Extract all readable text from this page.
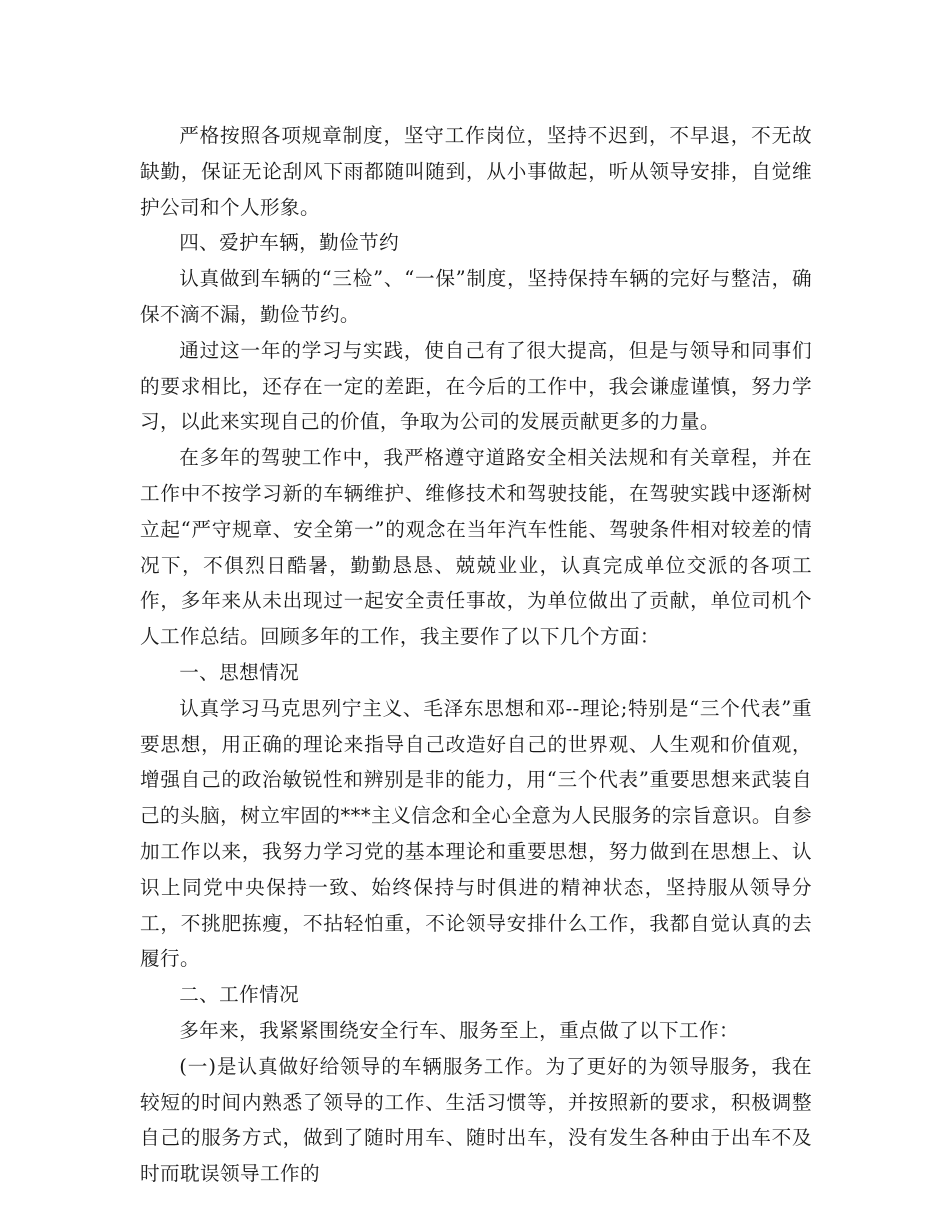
严格按照各项规章制度，坚守工作岗位，坚持不迟到，不早退，不无故缺勤，保证无论刮风下雨都随叫随到，从小事做起，听从领导安排，自觉维护公司和个人形象。

四、爱护车辆，勤俭节约

认真做到车辆的“三检”、“一保”制度，坚持保持车辆的完好与整洁，确保不滴不漏，勤俭节约。

通过这一年的学习与实践，使自己有了很大提高，但是与领导和同事们的要求相比，还存在一定的差距，在今后的工作中，我会谦虚谨慎，努力学习，以此来实现自己的价值，争取为公司的发展贡献更多的力量。

在多年的驾驶工作中，我严格遵守道路安全相关法规和有关章程，并在工作中不按学习新的车辆维护、维修技术和驾驶技能，在驾驶实践中逐渐树立起“严守规章、安全第一”的观念在当年汽车性能、驾驶条件相对较差的情况下，不俱烈日酷暑，勤勤恳恳、兢兢业业，认真完成单位交派的各项工作，多年来从未出现过一起安全责任事故，为单位做出了贡献，单位司机个人工作总结。回顾多年的工作，我主要作了以下几个方面：

一、思想情况

认真学习马克思列宁主义、毛泽东思想和邓--理论;特别是“三个代表”重要思想，用正确的理论来指导自己改造好自己的世界观、人生观和价值观，增强自己的政治敏锐性和辨别是非的能力，用“三个代表”重要思想来武装自己的头脑，树立牢固的***主义信念和全心全意为人民服务的宗旨意识。自参加工作以来，我努力学习党的基本理论和重要思想，努力做到在思想上、认识上同党中央保持一致、始终保持与时俱进的精神状态，坚持服从领导分工，不挑肥拣瘦，不拈轻怕重，不论领导安排什么工作，我都自觉认真的去履行。

二、工作情况

多年来，我紧紧围绕安全行车、服务至上，重点做了以下工作：

(一)是认真做好给领导的车辆服务工作。为了更好的为领导服务，我在较短的时间内熟悉了领导的工作、生活习惯等，并按照新的要求，积极调整自己的服务方式，做到了随时用车、随时出车，没有发生各种由于出车不及时而耽误领导工作的
